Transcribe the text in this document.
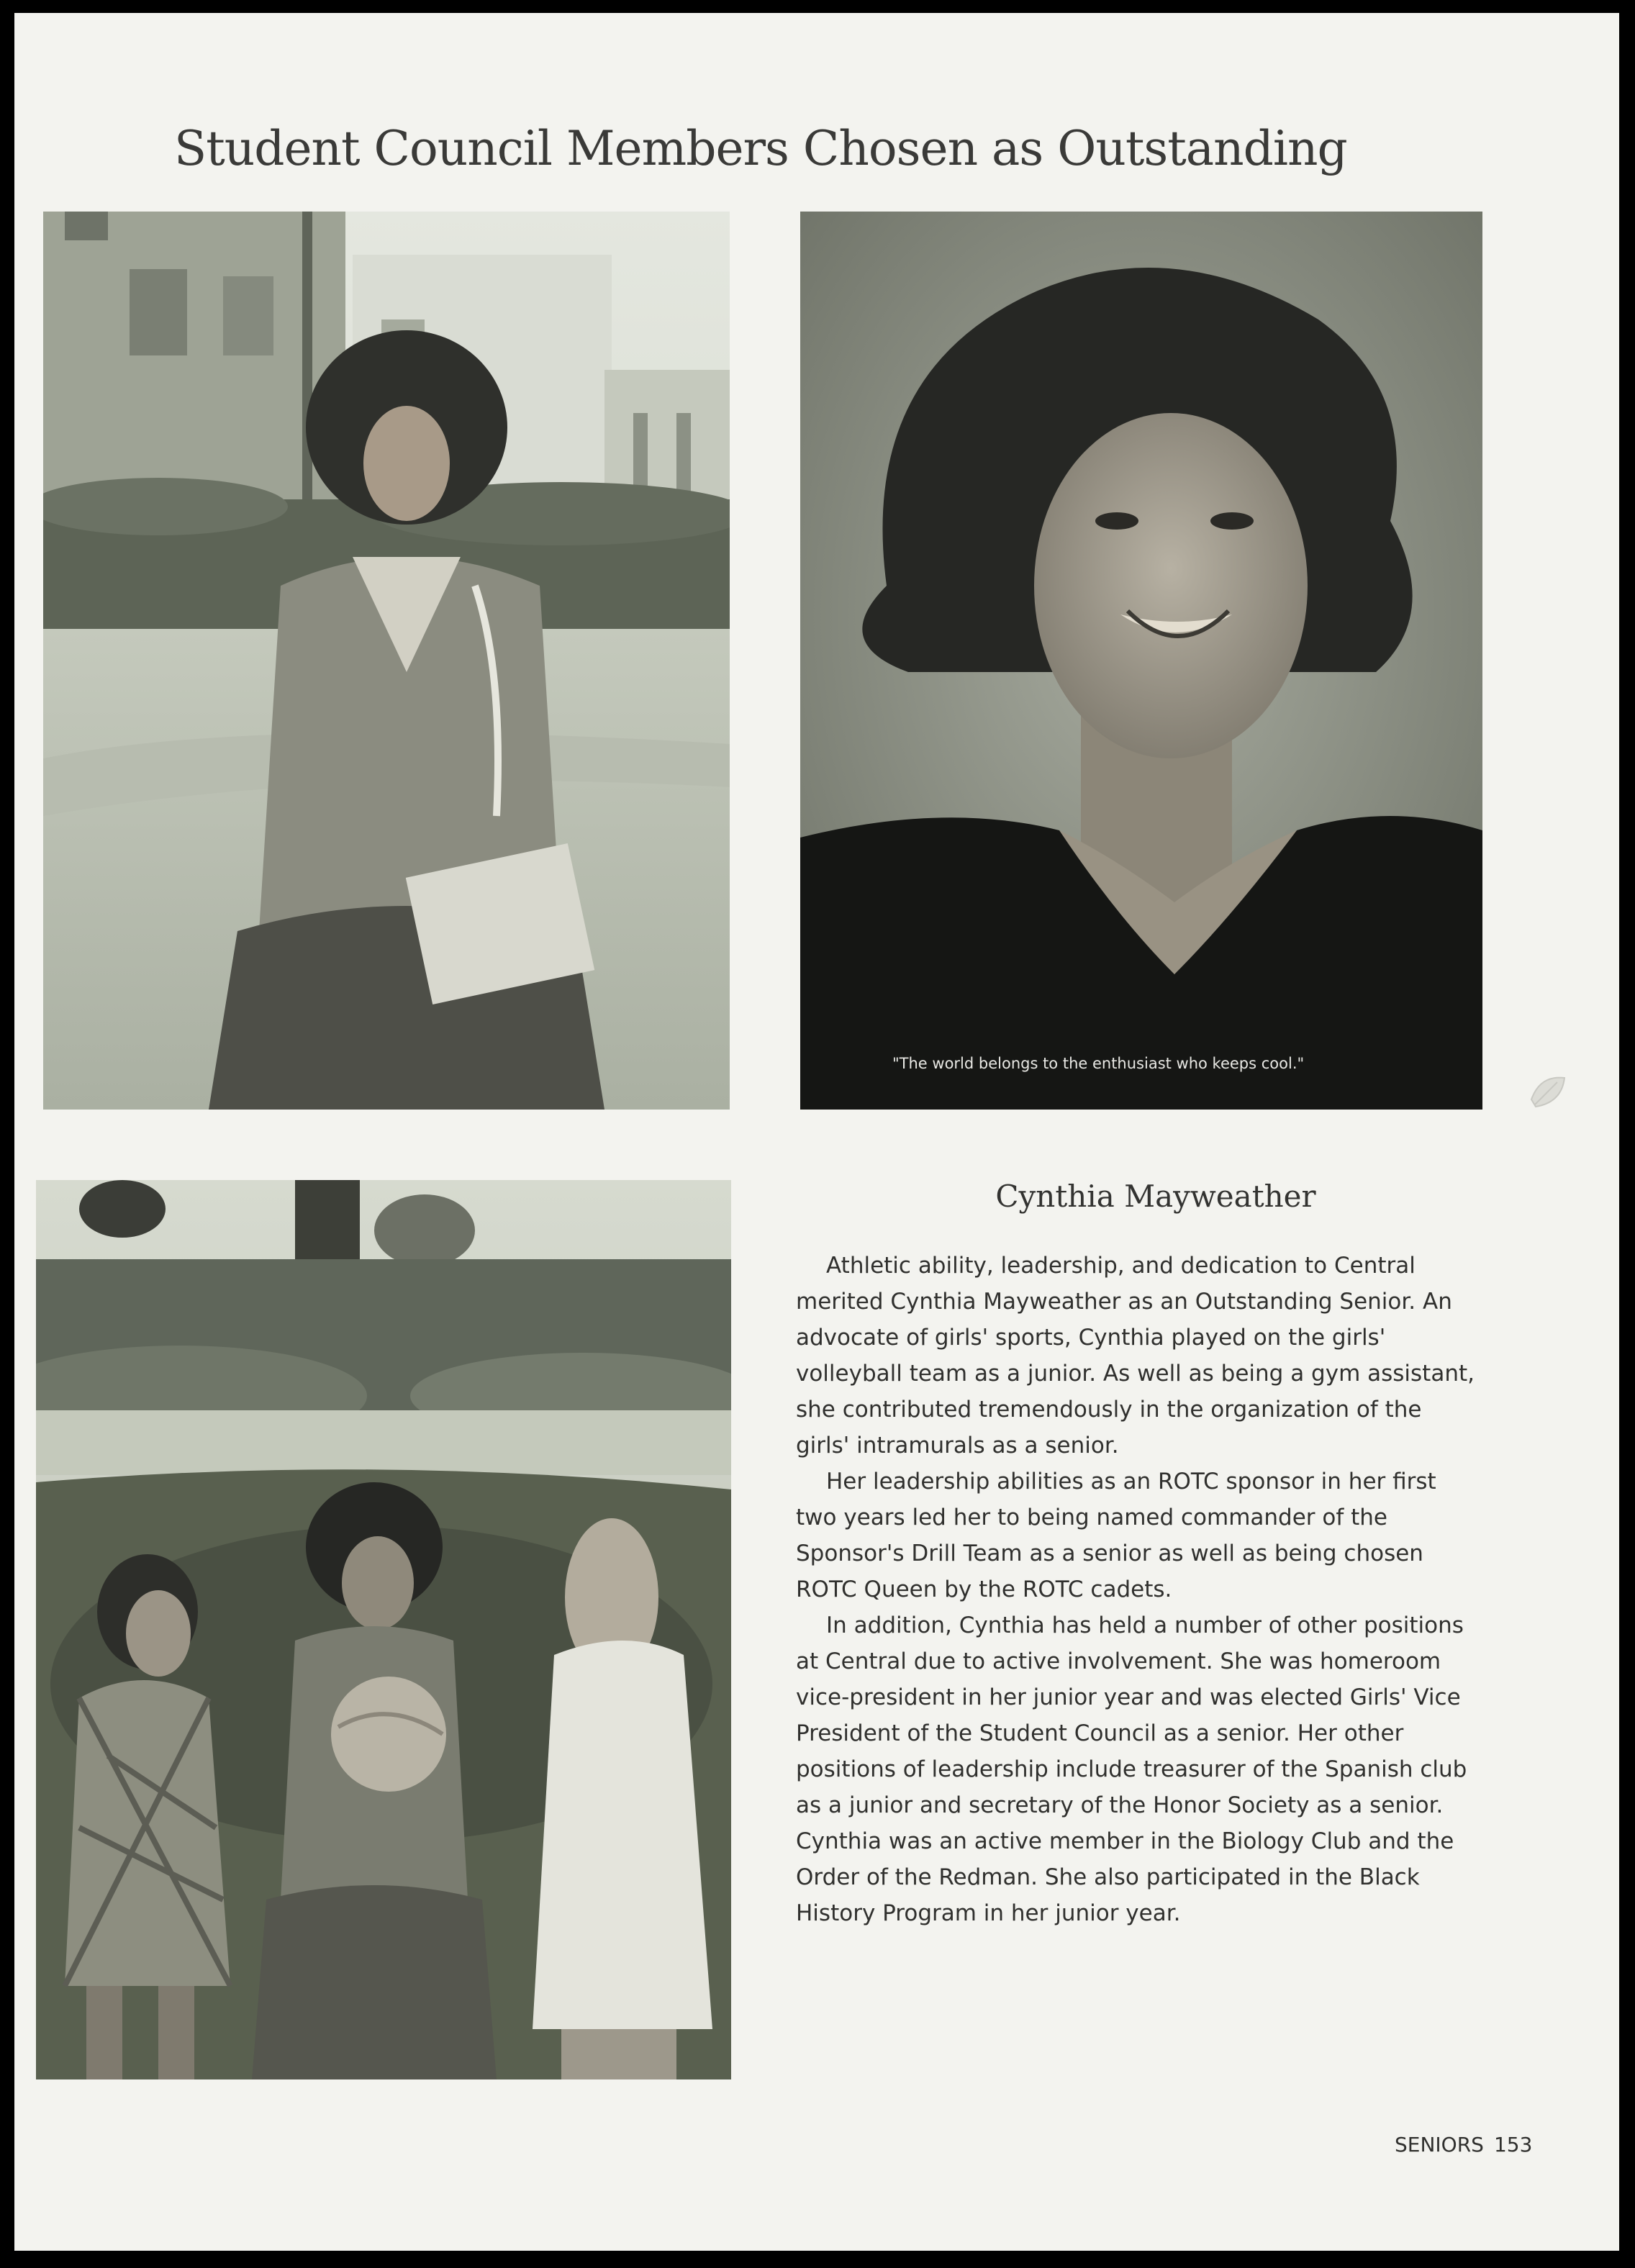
Student Council Members Chosen as Outstanding
"The world belongs to the enthusiast who keeps cool."
Cynthia Mayweather

Athletic ability, leadership, and dedication to Central merited Cynthia Mayweather as an Outstanding Senior. An advocate of girls' sports, Cynthia played on the girls' volleyball team as a junior. As well as being a gym assistant, she contributed tremendously in the organization of the girls' intramurals as a senior.

Her leadership abilities as an ROTC sponsor in her first two years led her to being named commander of the Sponsor's Drill Team as a senior as well as being chosen ROTC Queen by the ROTC cadets.

In addition, Cynthia has held a number of other positions at Central due to active involvement. She was homeroom vice-president in her junior year and was elected Girls' Vice President of the Student Council as a senior. Her other positions of leadership include treasurer of the Spanish club as a junior and secretary of the Honor Society as a senior. Cynthia was an active member in the Biology Club and the Order of the Redman. She also participated in the Black History Program in her junior year.

SENIORS 153
